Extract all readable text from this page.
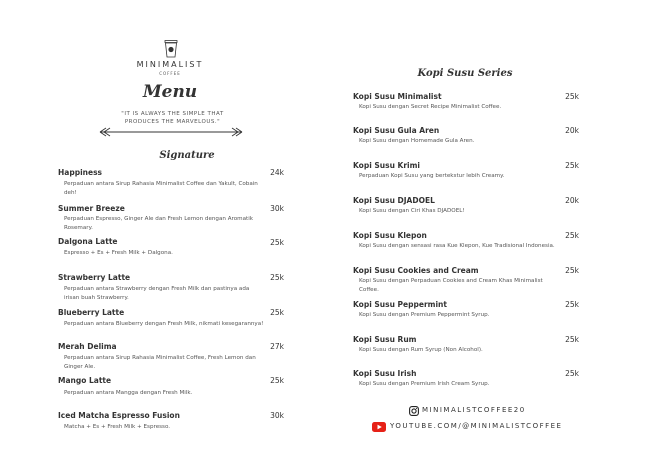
MINIMALIST
COFFEE
Menu
"IT IS ALWAYS THE SIMPLE THAT PRODUCES THE MARVELOUS."
Signature
Happiness	24k
Perpaduan antara Sirup Rahasia Minimalist Coffee dan Yakult, Cobain deh!
Summer Breeze	30k
Perpaduan Espresso, Ginger Ale dan Fresh Lemon dengan Aromatik Rosemary.
Dalgona Latte	25k
Espresso + Es + Fresh Milk + Dalgona.
Strawberry Latte	25k
Perpaduan antara Strawberry dengan Fresh Milk dan pastinya ada irisan buah Strawberry.
Blueberry Latte	25k
Perpaduan antara Blueberry dengan Fresh Milk, nikmati kesegarannya!
Merah Delima	27k
Perpaduan antara Sirup Rahasia Minimalist Coffee, Fresh Lemon dan Ginger Ale.
Mango Latte	25k
Perpaduan antara Mangga dengan Fresh Milk.
Iced Matcha Espresso Fusion	30k
Matcha + Es + Fresh Milk + Espresso.
Kopi Susu Series
Kopi Susu Minimalist	25k
Kopi Susu dengan Secret Recipe Minimalist Coffee.
Kopi Susu Gula Aren	20k
Kopi Susu dengan Homemade Gula Aren.
Kopi Susu Krimi	25k
Perpaduan Kopi Susu yang bertekstur lebih Creamy.
Kopi Susu DJADOEL	20k
Kopi Susu dengan Ciri Khas DJADOEL!
Kopi Susu Klepon	25k
Kopi Susu dengan sensasi rasa Kue Klepon, Kue Tradisional Indonesia.
Kopi Susu Cookies and Cream	25k
Kopi Susu dengan Perpaduan Cookies and Cream Khas Minimalist Coffee.
Kopi Susu Peppermint	25k
Kopi Susu dengan Premium Peppermint Syrup.
Kopi Susu Rum	25k
Kopi Susu dengan Rum Syrup (Non Alcohol).
Kopi Susu Irish	25k
Kopi Susu dengan Premium Irish Cream Syrup.
MINIMALISTCOFFEE20
YOUTUBE.COM/@MINIMALISTCOFFEE
